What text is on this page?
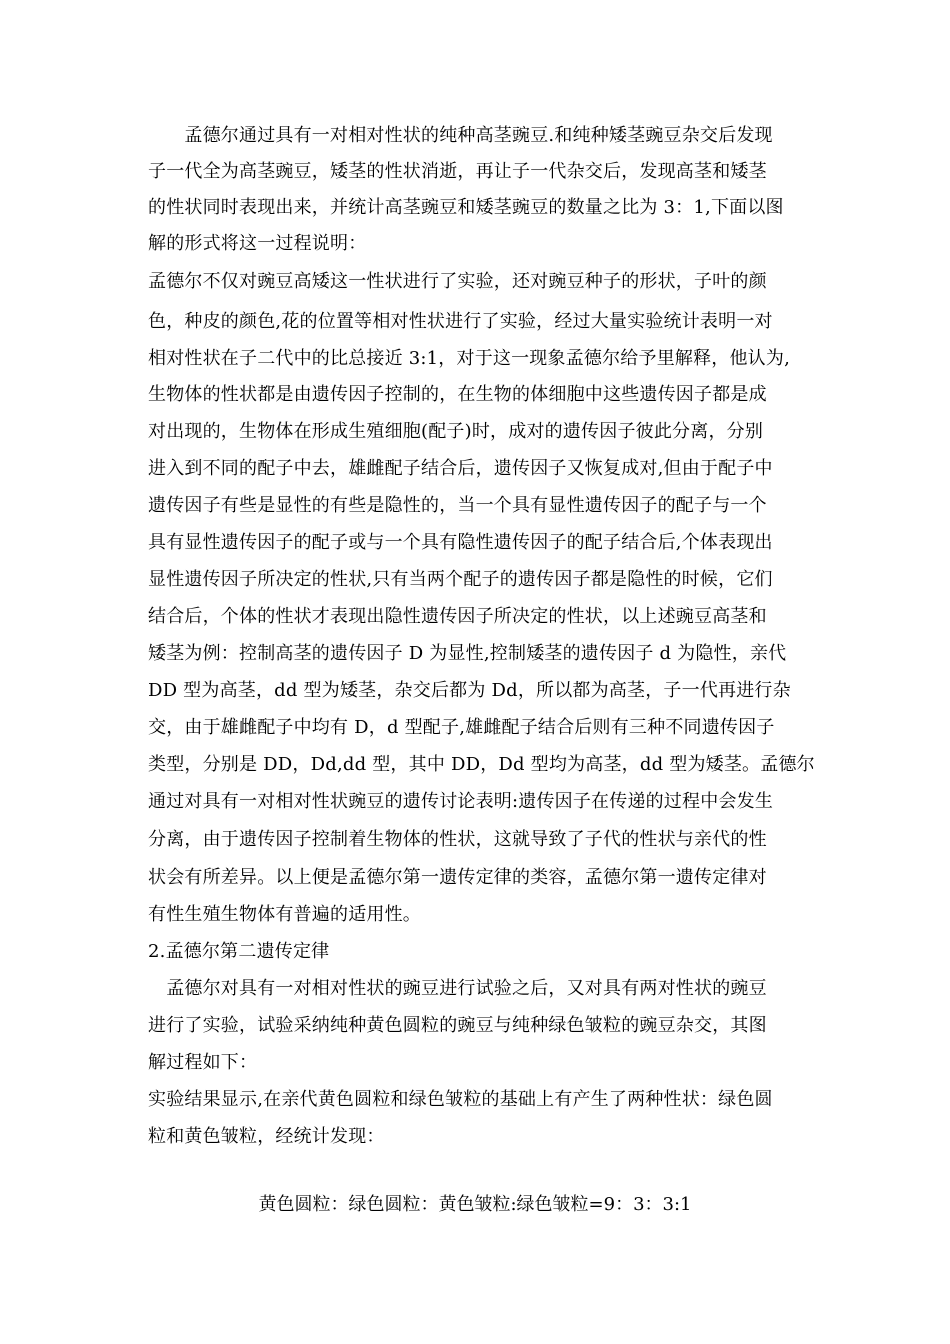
　　孟德尔通过具有一对相对性状的纯种高茎豌豆.和纯种矮茎豌豆杂交后发现
子一代全为高茎豌豆，矮茎的性状消逝，再让子一代杂交后，发现高茎和矮茎
的性状同时表现出来，并统计高茎豌豆和矮茎豌豆的数量之比为 3：1,下面以图
解的形式将这一过程说明：
孟德尔不仅对豌豆高矮这一性状进行了实验，还对豌豆种子的形状，子叶的颜
色，种皮的颜色,花的位置等相对性状进行了实验，经过大量实验统计表明一对
相对性状在子二代中的比总接近 3:1，对于这一现象孟德尔给予里解释，他认为,
生物体的性状都是由遗传因子控制的，在生物的体细胞中这些遗传因子都是成
对出现的，生物体在形成生殖细胞(配子)时，成对的遗传因子彼此分离，分别
进入到不同的配子中去，雄雌配子结合后，遗传因子又恢复成对,但由于配子中
遗传因子有些是显性的有些是隐性的，当一个具有显性遗传因子的配子与一个
具有显性遗传因子的配子或与一个具有隐性遗传因子的配子结合后,个体表现出
显性遗传因子所决定的性状,只有当两个配子的遗传因子都是隐性的时候，它们
结合后，个体的性状才表现出隐性遗传因子所决定的性状，以上述豌豆高茎和
矮茎为例：控制高茎的遗传因子 D 为显性,控制矮茎的遗传因子 d 为隐性，亲代
DD 型为高茎，dd 型为矮茎，杂交后都为 Dd，所以都为高茎，子一代再进行杂
交，由于雄雌配子中均有 D，d 型配子,雄雌配子结合后则有三种不同遗传因子
类型，分别是 DD，Dd,dd 型，其中 DD，Dd 型均为高茎，dd 型为矮茎。孟德尔
通过对具有一对相对性状豌豆的遗传讨论表明:遗传因子在传递的过程中会发生
分离，由于遗传因子控制着生物体的性状，这就导致了子代的性状与亲代的性
状会有所差异。以上便是孟德尔第一遗传定律的类容，孟德尔第一遗传定律对
有性生殖生物体有普遍的适用性。
2.孟德尔第二遗传定律
　孟德尔对具有一对相对性状的豌豆进行试验之后，又对具有两对性状的豌豆
进行了实验，试验采纳纯种黄色圆粒的豌豆与纯种绿色皱粒的豌豆杂交，其图
解过程如下：
实验结果显示,在亲代黄色圆粒和绿色皱粒的基础上有产生了两种性状：绿色圆
粒和黄色皱粒，经统计发现：
黄色圆粒：绿色圆粒：黄色皱粒:绿色皱粒=9：3：3:1
